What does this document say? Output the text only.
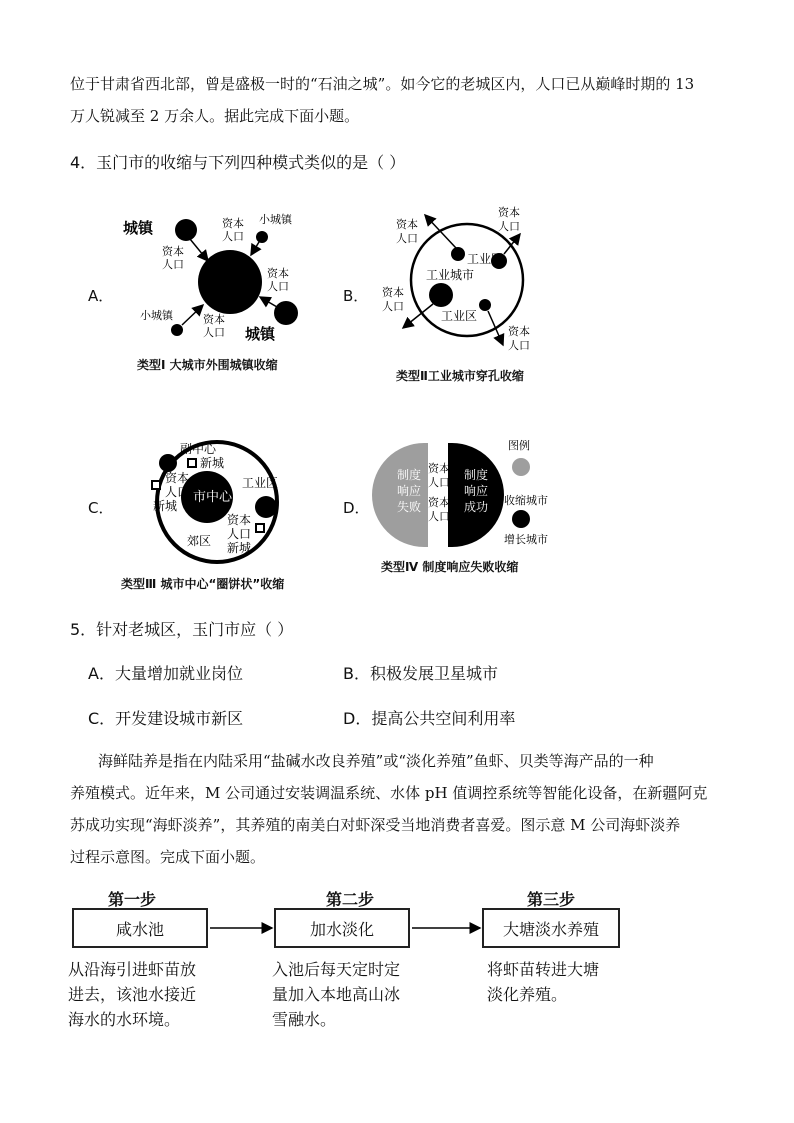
位于甘肃省西北部，曾是盛极一时的“石油之城”。如今它的老城区内，人口已从巅峰时期的 13
万人锐减至 2 万余人。据此完成下面小题。
4．玉门市的收缩与下列四种模式类似的是（ ）
A．
城镇	资本
人口
小城镇
资本
人口
资本
人口
小城镇	资本
人口 城镇
类型Ⅰ 大城市外围城镇收缩
B．
资本
人口
资本
人口
工业区
工业城市
资本
人口
工业区
资本
人口
类型Ⅱ工业城市穿孔收缩
C．
副中心
新城
资本
人口
新城
市中心
工业区
资本
人口
郊区 新城
类型Ⅲ 城市中心“圈饼状”收缩
D．
制度
响应
失败
资本
人口
资本
人口
制度
响应
成功
图例
收缩城市
增长城市
类型Ⅳ 制度响应失败收缩
5．针对老城区，玉门市应（ ）
A．大量增加就业岗位	B．积极发展卫星城市
C．开发建设城市新区	D．提高公共空间利用率
海鲜陆养是指在内陆采用“盐碱水改良养殖”或“淡化养殖”鱼虾、贝类等海产品的一种
养殖模式。近年来，M 公司通过安装调温系统、水体 pH 值调控系统等智能化设备，在新疆阿克
苏成功实现“海虾淡养”，其养殖的南美白对虾深受当地消费者喜爱。图示意 M 公司海虾淡养
过程示意图。完成下面小题。
第一步	第二步	第三步
咸水池	加水淡化	大塘淡水养殖
从沿海引进虾苗放
进去，该池水接近
海水的水环境。
入池后每天定时定
量加入本地高山冰
雪融水。
将虾苗转进大塘
淡化养殖。
